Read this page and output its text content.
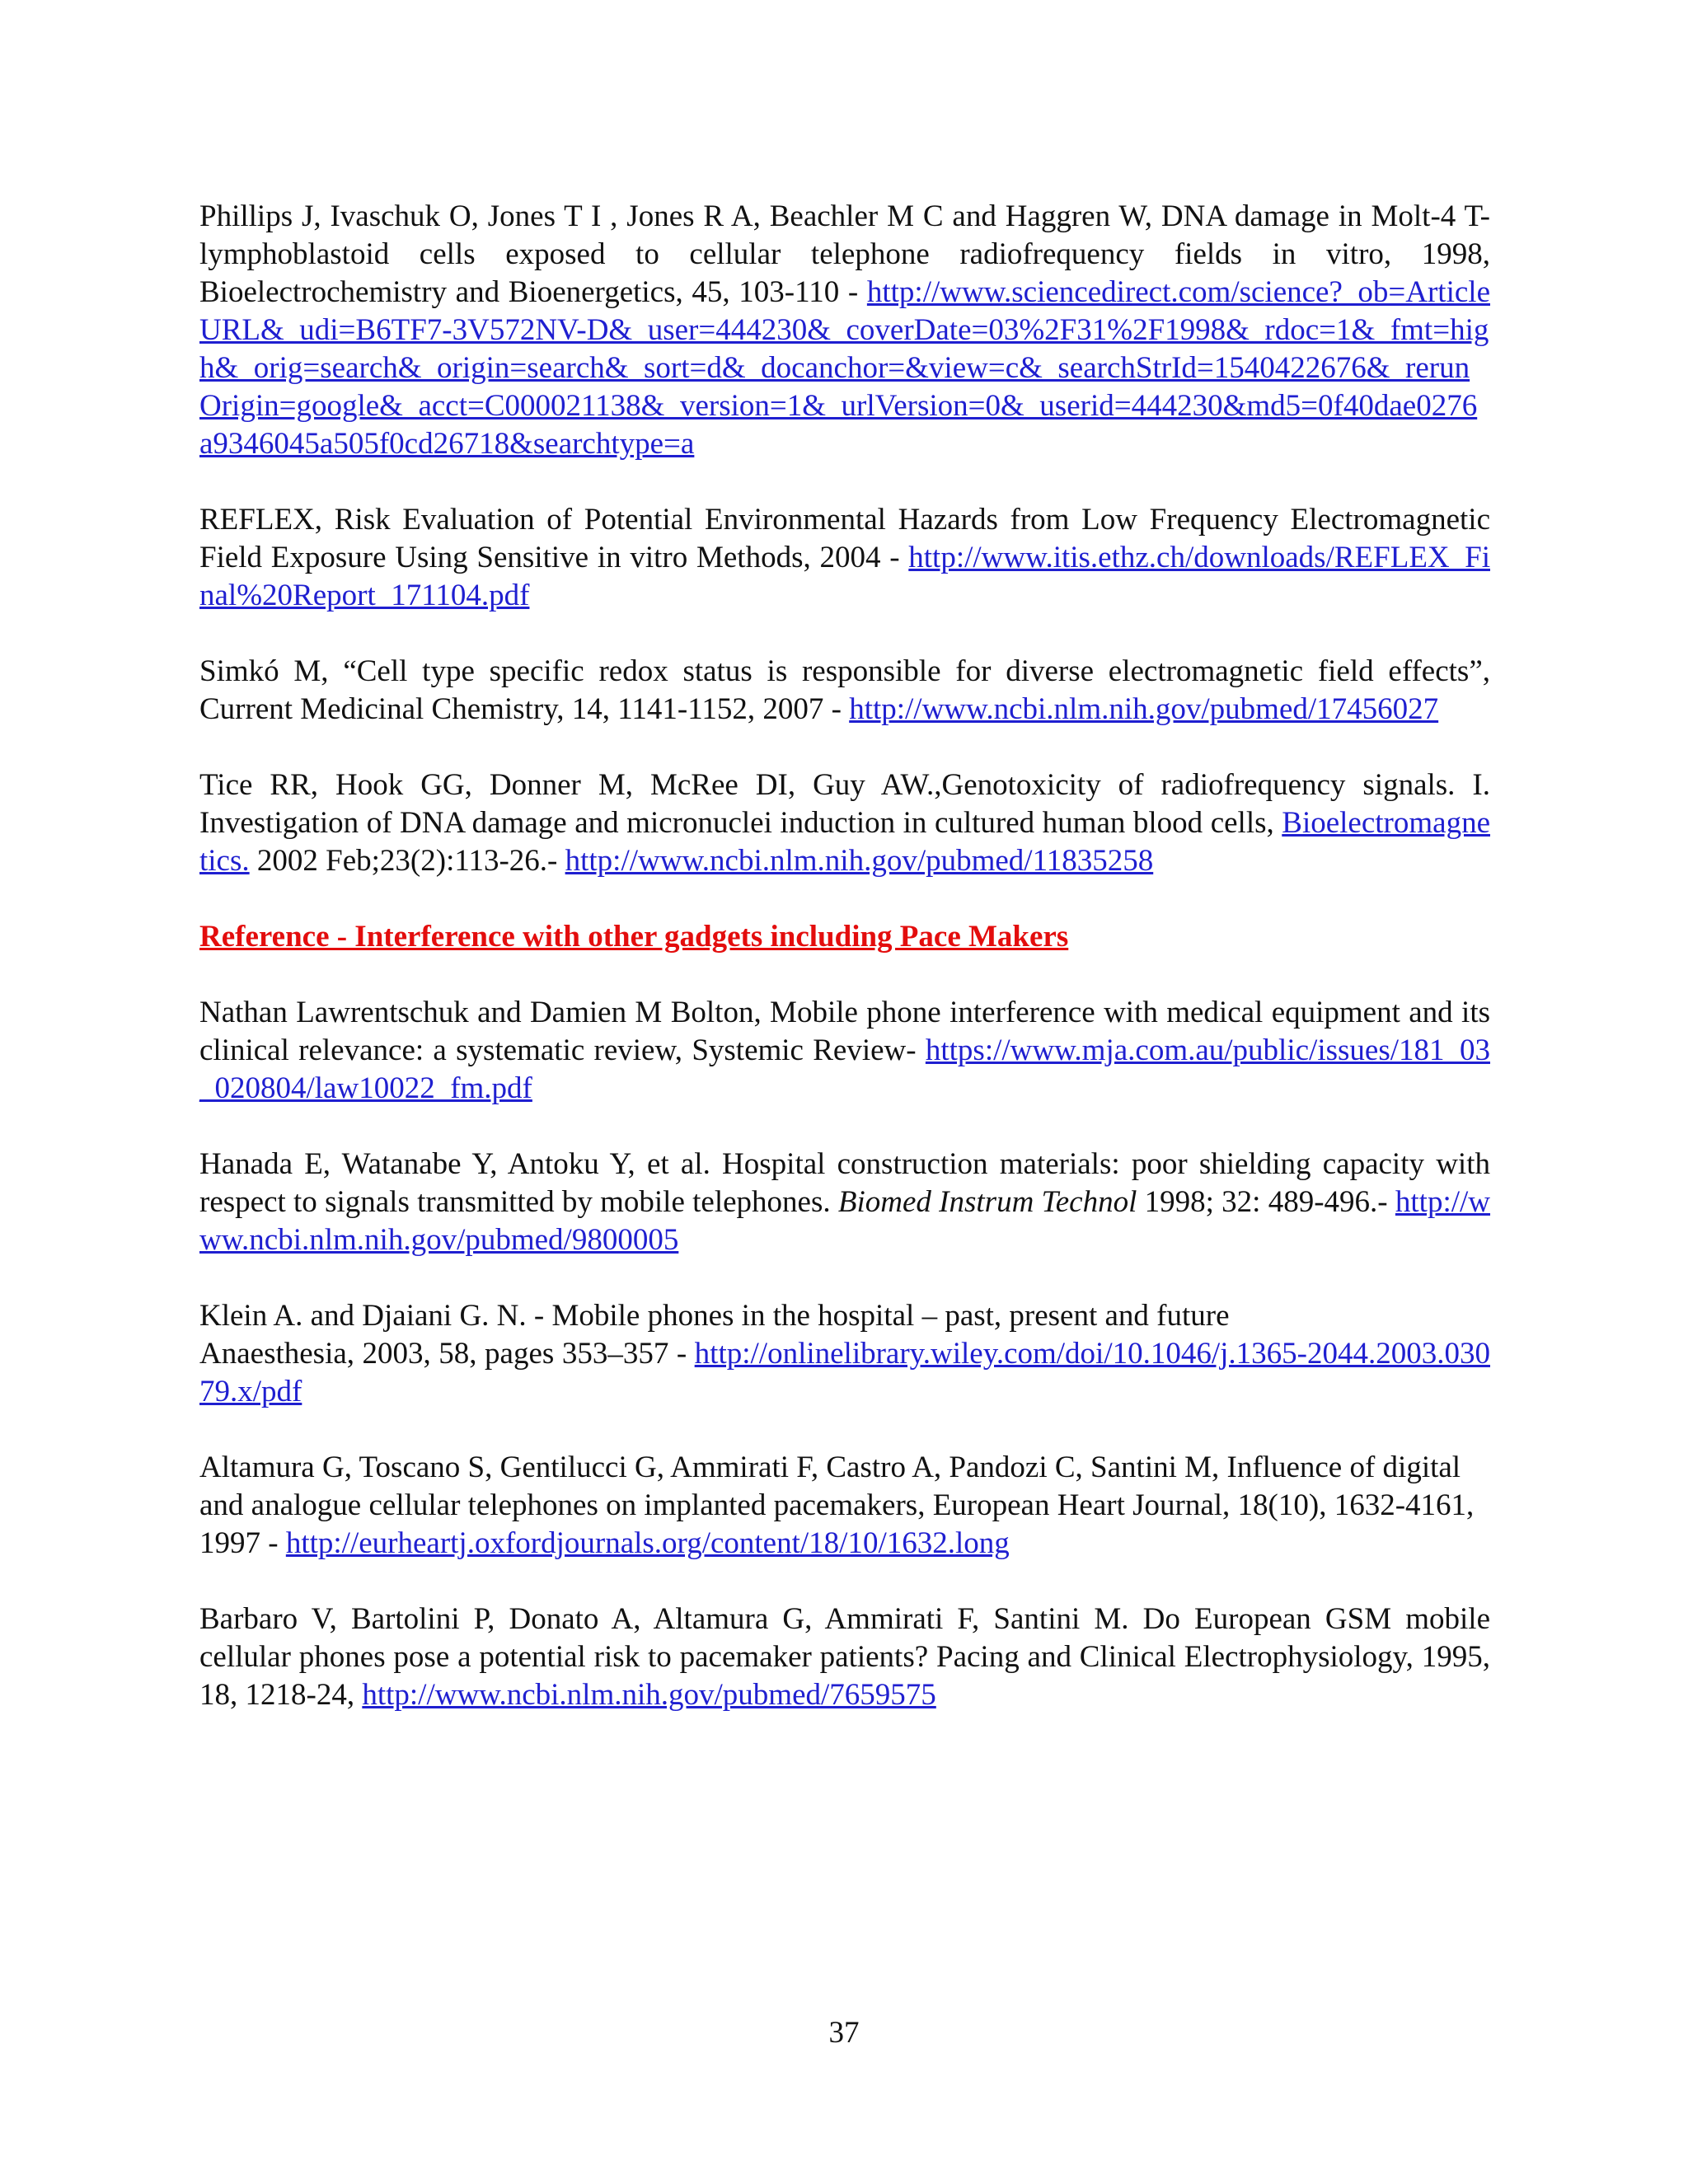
Phillips J, Ivaschuk O, Jones T I , Jones R A, Beachler M C and Haggren W, DNA damage in Molt-4 T-lymphoblastoid cells exposed to cellular telephone radiofrequency fields in vitro, 1998, Bioelectrochemistry and Bioenergetics, 45, 103-110 - http://www.sciencedirect.com/science?_ob=ArticleURL&_udi=B6TF7-3V572NV-D&_user=444230&_coverDate=03%2F31%2F1998&_rdoc=1&_fmt=high&_orig=search&_origin=search&_sort=d&_docanchor=&view=c&_searchStrId=1540422676&_rerunOrigin=google&_acct=C000021138&_version=1&_urlVersion=0&_userid=444230&md5=0f40dae0276a9346045a505f0cd26718&searchtype=a

REFLEX, Risk Evaluation of Potential Environmental Hazards from Low Frequency Electromagnetic Field Exposure Using Sensitive in vitro Methods, 2004 - http://www.itis.ethz.ch/downloads/REFLEX_Final%20Report_171104.pdf

Simkó M, “Cell type specific redox status is responsible for diverse electromagnetic field effects”, Current Medicinal Chemistry, 14, 1141-1152, 2007 - http://www.ncbi.nlm.nih.gov/pubmed/17456027

Tice RR, Hook GG, Donner M, McRee DI, Guy AW.,Genotoxicity of radiofrequency signals. I. Investigation of DNA damage and micronuclei induction in cultured human blood cells, Bioelectromagnetics. 2002 Feb;23(2):113-26.- http://www.ncbi.nlm.nih.gov/pubmed/11835258

Reference - Interference with other gadgets including Pace Makers

Nathan Lawrentschuk and Damien M Bolton, Mobile phone interference with medical equipment and its clinical relevance: a systematic review, Systemic Review- https://www.mja.com.au/public/issues/181_03_020804/law10022_fm.pdf

Hanada E, Watanabe Y, Antoku Y, et al. Hospital construction materials: poor shielding capacity with respect to signals transmitted by mobile telephones. Biomed Instrum Technol 1998; 32: 489-496.- http://www.ncbi.nlm.nih.gov/pubmed/9800005

Klein A. and Djaiani G. N. - Mobile phones in the hospital – past, present and future

Anaesthesia, 2003, 58, pages 353–357 - http://onlinelibrary.wiley.com/doi/10.1046/j.1365-2044.2003.03079.x/pdf

Altamura G, Toscano S, Gentilucci G, Ammirati F, Castro A, Pandozi C, Santini M, Influence of digital and analogue cellular telephones on implanted pacemakers, European Heart Journal, 18(10), 1632-4161, 1997 - http://eurheartj.oxfordjournals.org/content/18/10/1632.long

Barbaro V, Bartolini P, Donato A, Altamura G, Ammirati F, Santini M. Do European GSM mobile cellular phones pose a potential risk to pacemaker patients? Pacing and Clinical Electrophysiology, 1995, 18, 1218-24, http://www.ncbi.nlm.nih.gov/pubmed/7659575

37
